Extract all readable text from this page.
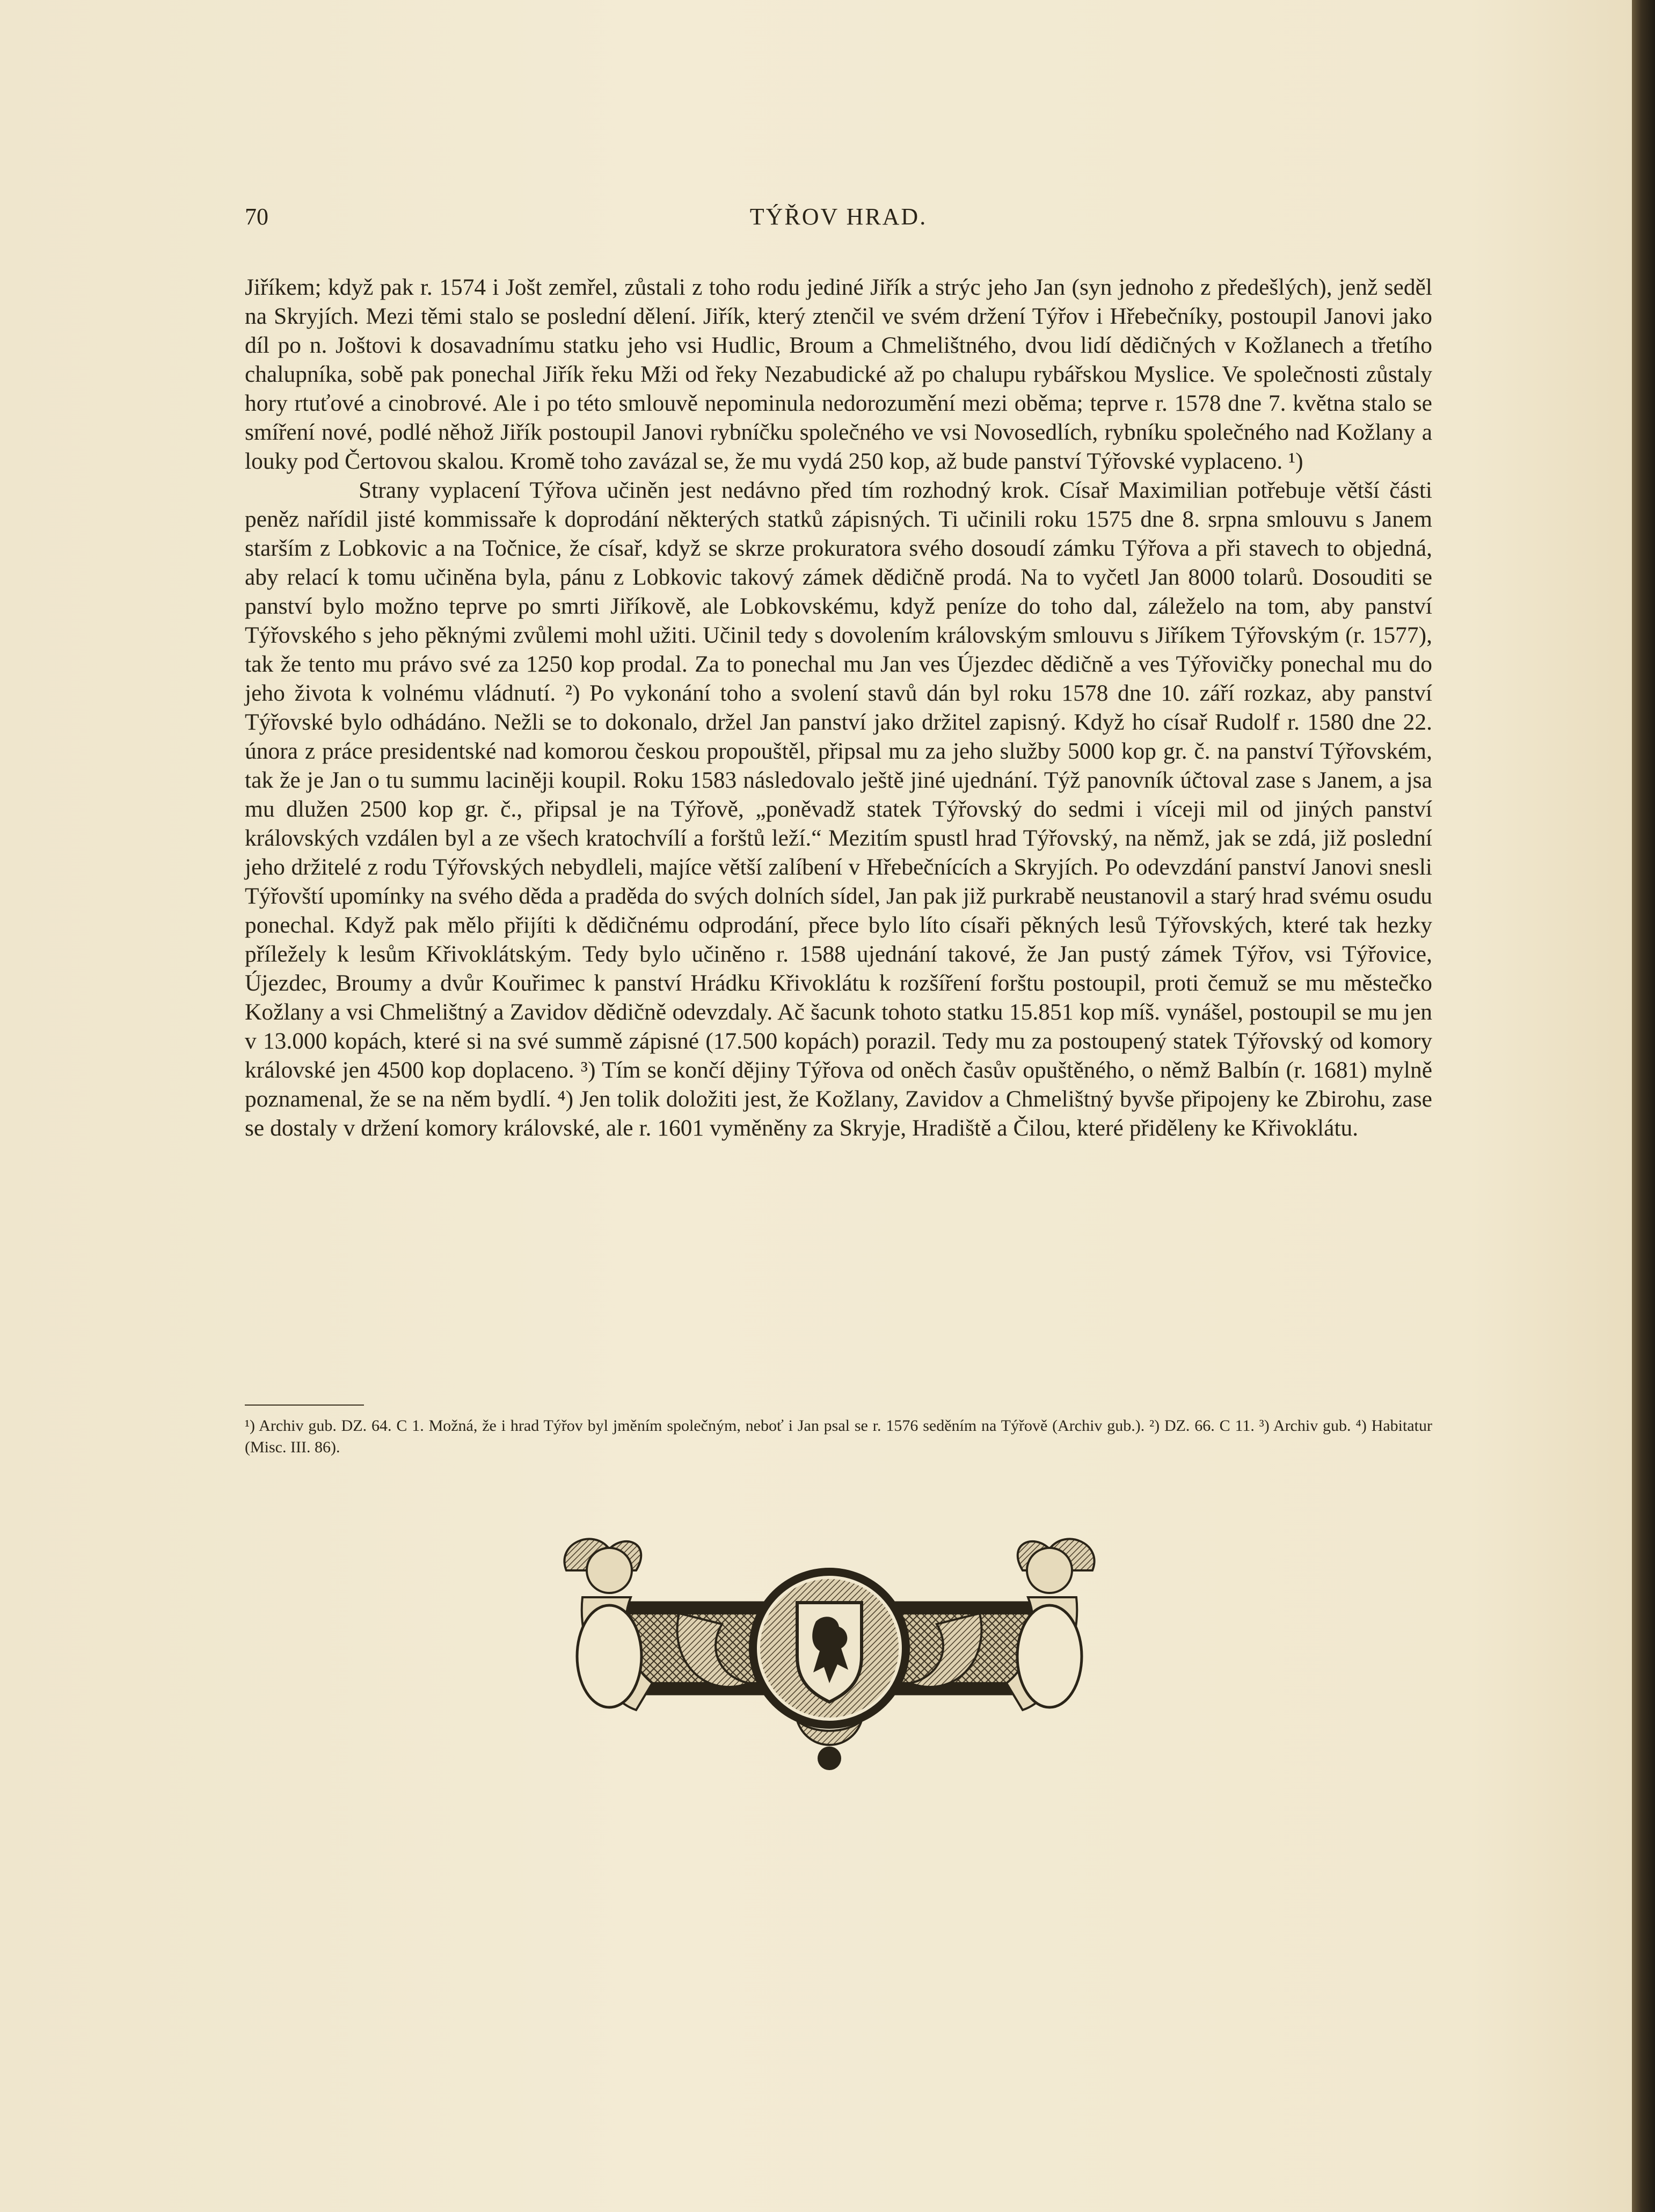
70	TÝŘOV HRAD.

Jiříkem; když pak r. 1574 i Jošt zemřel, zůstali z toho rodu jediné Jiřík a strýc jeho Jan (syn jednoho z předešlých), jenž seděl na Skryjích. Mezi těmi stalo se poslední dělení. Jiřík, který ztenčil ve svém držení Týřov i Hřebečníky, postoupil Janovi jako díl po n. Joštovi k dosavadnímu statku jeho vsi Hudlic, Broum a Chmelištného, dvou lidí dědičných v Kožlanech a třetího chalupníka, sobě pak ponechal Jiřík řeku Mži od řeky Nezabudické až po chalupu rybářskou Myslice. Ve společnosti zůstaly hory rtuťové a cinobrové. Ale i po této smlouvě nepominula nedorozumění mezi oběma; teprve r. 1578 dne 7. května stalo se smíření nové, podlé něhož Jiřík postoupil Janovi rybníčku společného ve vsi Novosedlích, rybníku společného nad Kožlany a louky pod Čertovou skalou. Kromě toho zavázal se, že mu vydá 250 kop, až bude panství Týřovské vyplaceno. ¹)

Strany vyplacení Týřova učiněn jest nedávno před tím rozhodný krok. Císař Maximilian potřebuje větší části peněz nařídil jisté kommissaře k doprodání některých statků zápisných. Ti učinili roku 1575 dne 8. srpna smlouvu s Janem starším z Lobkovic a na Točnice, že císař, když se skrze prokuratora svého dosoudí zámku Týřova a při stavech to objedná, aby relací k tomu učiněna byla, pánu z Lobkovic takový zámek dědičně prodá. Na to vyčetl Jan 8000 tolarů. Dosouditi se panství bylo možno teprve po smrti Jiříkově, ale Lobkovskému, když peníze do toho dal, záleželo na tom, aby panství Týřovského s jeho pěknými zvůlemi mohl užiti. Učinil tedy s dovolením královským smlouvu s Jiříkem Týřovským (r. 1577), tak že tento mu právo své za 1250 kop prodal. Za to ponechal mu Jan ves Újezdec dědičně a ves Týřovičky ponechal mu do jeho života k volnému vládnutí. ²) Po vykonání toho a svolení stavů dán byl roku 1578 dne 10. září rozkaz, aby panství Týřovské bylo odhádáno. Nežli se to dokonalo, držel Jan panství jako držitel zapisný. Když ho císař Rudolf r. 1580 dne 22. února z práce presidentské nad komorou českou propouštěl, připsal mu za jeho služby 5000 kop gr. č. na panství Týřovském, tak že je Jan o tu summu laciněji koupil. Roku 1583 následovalo ještě jiné ujednání. Týž panovník účtoval zase s Janem, a jsa mu dlužen 2500 kop gr. č., připsal je na Týřově, „poněvadž statek Týřovský do sedmi i víceji mil od jiných panství královských vzdálen byl a ze všech kratochvílí a forštů leží.“ Mezitím spustl hrad Týřovský, na němž, jak se zdá, již poslední jeho držitelé z rodu Týřovských nebydleli, majíce větší zalíbení v Hřebečnících a Skryjích. Po odevzdání panství Janovi snesli Týřovští upomínky na svého děda a praděda do svých dolních sídel, Jan pak již purkrabě neustanovil a starý hrad svému osudu ponechal. Když pak mělo přijíti k dědičnému odprodání, přece bylo líto císaři pěkných lesů Týřovských, které tak hezky příležely k lesům Křivoklátským. Tedy bylo učiněno r. 1588 ujednání takové, že Jan pustý zámek Týřov, vsi Týřovice, Újezdec, Broumy a dvůr Kouřimec k panství Hrádku Křivoklátu k rozšíření forštu postoupil, proti čemuž se mu městečko Kožlany a vsi Chmelištný a Zavidov dědičně odevzdaly. Ač šacunk tohoto statku 15.851 kop míš. vynášel, postoupil se mu jen v 13.000 kopách, které si na své summě zápisné (17.500 kopách) porazil. Tedy mu za postoupený statek Týřovský od komory královské jen 4500 kop doplaceno. ³) Tím se končí dějiny Týřova od oněch časův opuštěného, o němž Balbín (r. 1681) mylně poznamenal, že se na něm bydlí. ⁴) Jen tolik doložiti jest, že Kožlany, Zavidov a Chmelištný byvše připojeny ke Zbirohu, zase se dostaly v držení komory královské, ale r. 1601 vyměněny za Skryje, Hradiště a Čilou, které přiděleny ke Křivoklátu.

¹) Archiv gub. DZ. 64. C 1. Možná, že i hrad Týřov byl jměním společným, neboť i Jan psal se r. 1576 seděním na Týřově (Archiv gub.). ²) DZ. 66. C 11. ³) Archiv gub. ⁴) Habitatur (Misc. III. 86).
